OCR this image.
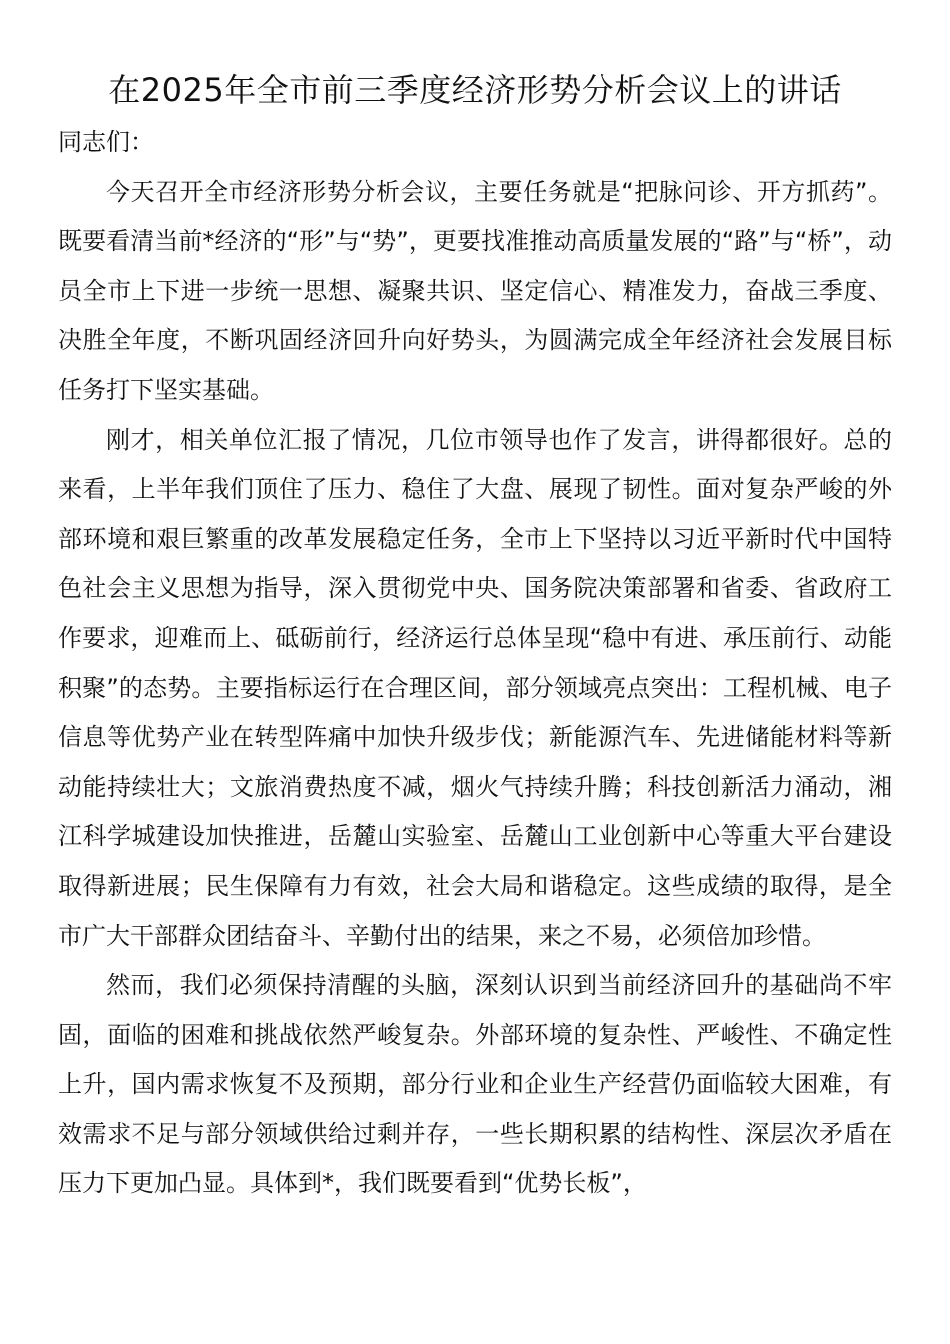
在2025年全市前三季度经济形势分析会议上的讲话

同志们：

今天召开全市经济形势分析会议，主要任务就是“把脉问诊、开方抓药”。既要看清当前*经济的“形”与“势”，更要找准推动高质量发展的“路”与“桥”，动员全市上下进一步统一思想、凝聚共识、坚定信心、精准发力，奋战三季度、决胜全年度，不断巩固经济回升向好势头，为圆满完成全年经济社会发展目标任务打下坚实基础。

刚才，相关单位汇报了情况，几位市领导也作了发言，讲得都很好。总的来看，上半年我们顶住了压力、稳住了大盘、展现了韧性。面对复杂严峻的外部环境和艰巨繁重的改革发展稳定任务，全市上下坚持以习近平新时代中国特色社会主义思想为指导，深入贯彻党中央、国务院决策部署和省委、省政府工作要求，迎难而上、砥砺前行，经济运行总体呈现“稳中有进、承压前行、动能积聚”的态势。主要指标运行在合理区间，部分领域亮点突出：工程机械、电子信息等优势产业在转型阵痛中加快升级步伐；新能源汽车、先进储能材料等新动能持续壮大；文旅消费热度不减，烟火气持续升腾；科技创新活力涌动，湘江科学城建设加快推进，岳麓山实验室、岳麓山工业创新中心等重大平台建设取得新进展；民生保障有力有效，社会大局和谐稳定。这些成绩的取得，是全市广大干部群众团结奋斗、辛勤付出的结果，来之不易，必须倍加珍惜。

然而，我们必须保持清醒的头脑，深刻认识到当前经济回升的基础尚不牢固，面临的困难和挑战依然严峻复杂。外部环境的复杂性、严峻性、不确定性上升，国内需求恢复不及预期，部分行业和企业生产经营仍面临较大困难，有效需求不足与部分领域供给过剩并存，一些长期积累的结构性、深层次矛盾在压力下更加凸显。具体到*，我们既要看到“优势长板”，
